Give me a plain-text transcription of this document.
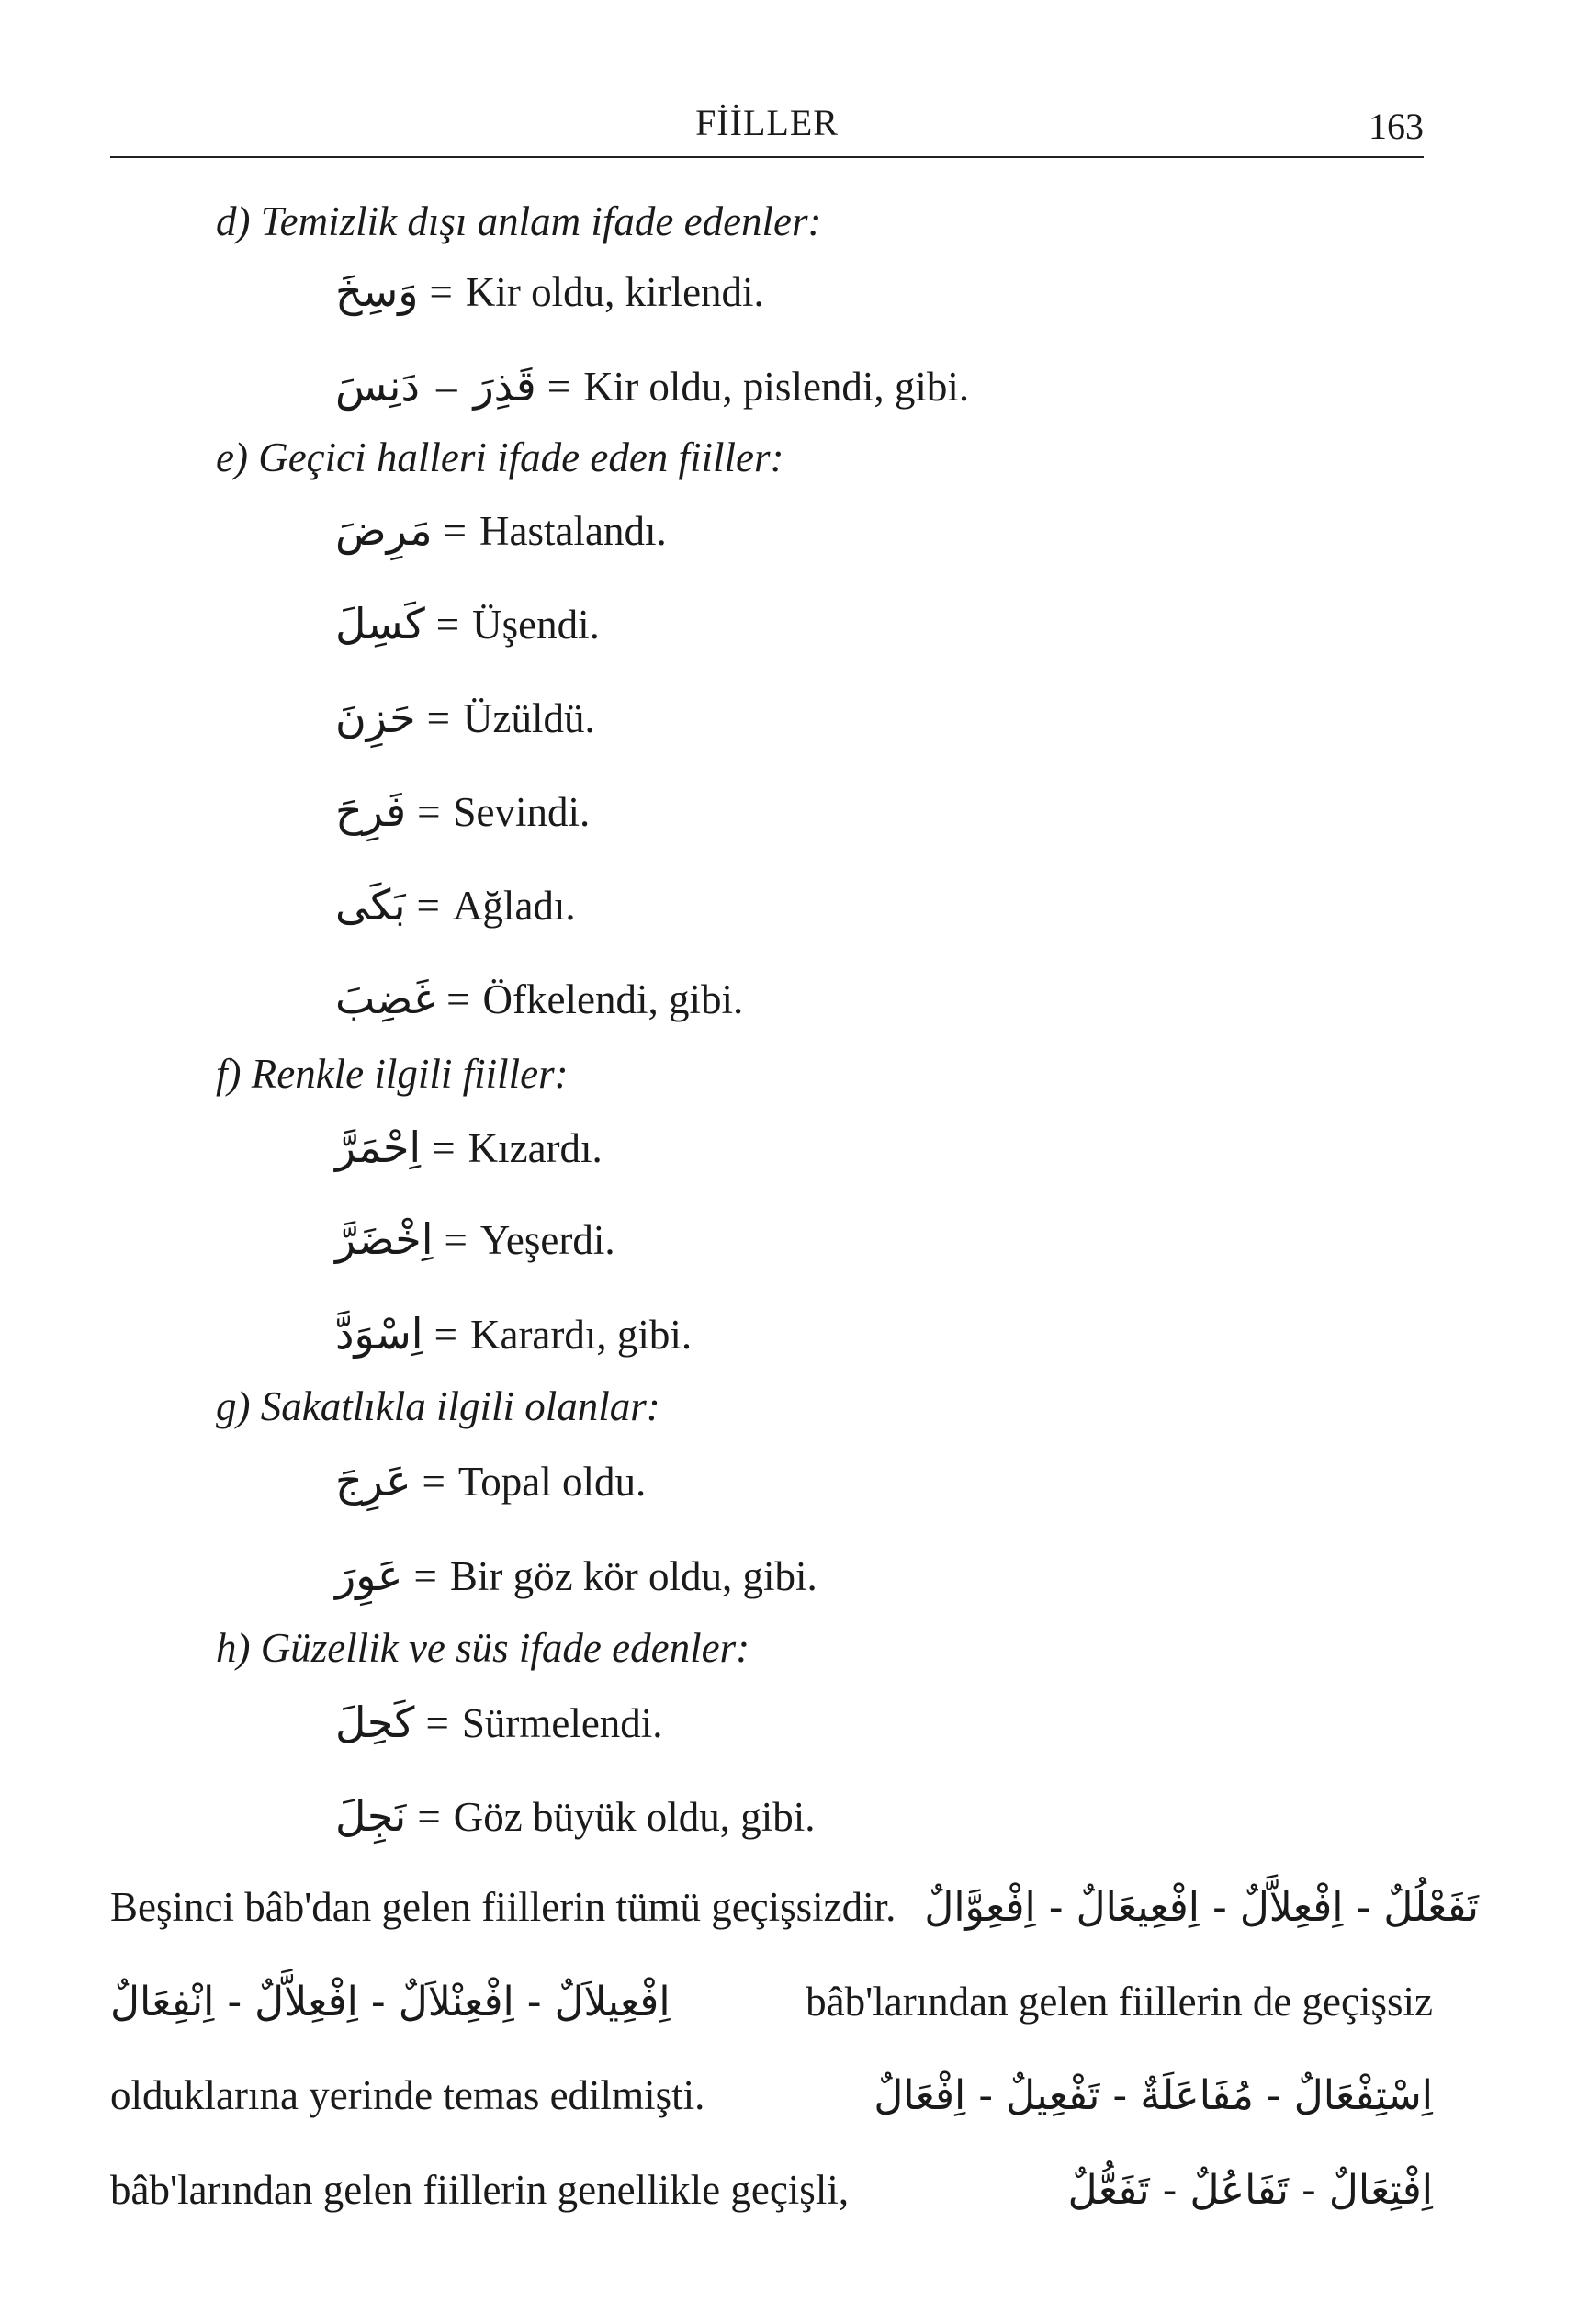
FİİLLER	163
d) Temizlik dışı anlam ifade edenler:
وَسِخَ = Kir oldu, kirlendi.
دَنِسَ – قَذِرَ = Kir oldu, pislendi, gibi.
e) Geçici halleri ifade eden fiiller:
مَرِضَ = Hastalandı.
كَسِلَ = Üşendi.
حَزِنَ = Üzüldü.
فَرِحَ = Sevindi.
بَكَى = Ağladı.
غَضِبَ = Öfkelendi, gibi.
f) Renkle ilgili fiiller:
اِحْمَرَّ = Kızardı.
اِخْضَرَّ = Yeşerdi.
اِسْوَدَّ = Karardı, gibi.
g) Sakatlıkla ilgili olanlar:
عَرِجَ = Topal oldu.
عَوِرَ = Bir göz kör oldu, gibi.
h) Güzellik ve süs ifade edenler:
كَحِلَ = Sürmelendi.
نَجِلَ = Göz büyük oldu, gibi.
Beşinci bâb'dan gelen fiillerin tümü geçişsizdir. تَفَعْلُلٌ - اِفْعِلاَّلٌ - اِفْعِيعَالٌ - اِفْعِوَّالٌ
اِفْعِيلاَلٌ - اِفْعِنْلاَلٌ - اِفْعِلاَّلٌ - اِنْفِعَالٌ	bâb'larından gelen fiillerin de geçişsiz
olduklarına yerinde temas edilmişti.	اِسْتِفْعَالٌ - مُفَاعَلَةٌ - تَفْعِيلٌ - اِفْعَالٌ
bâb'larından gelen fiillerin genellikle geçişli,	اِفْتِعَالٌ - تَفَاعُلٌ - تَفَعُّلٌ
